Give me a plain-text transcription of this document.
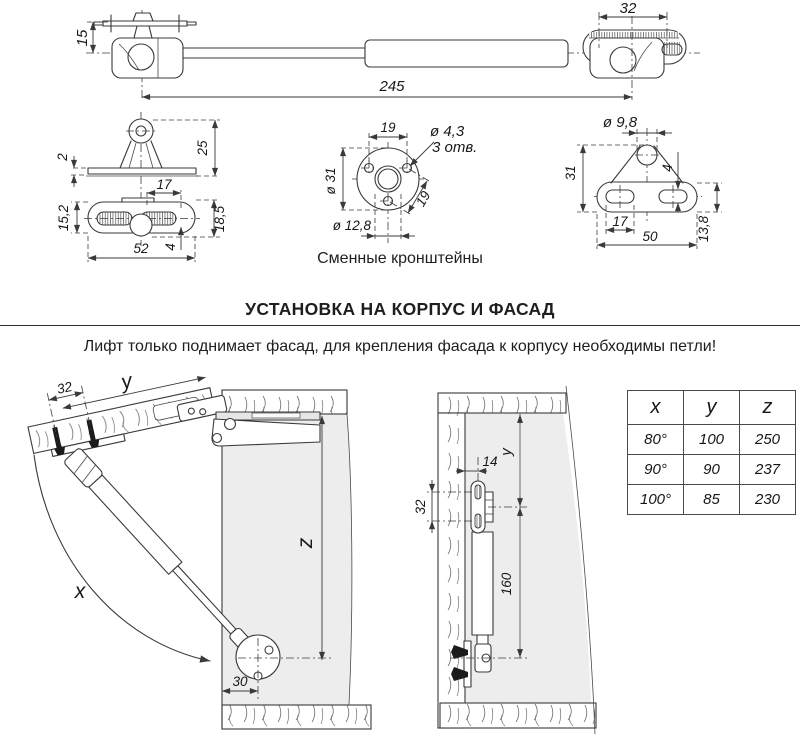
32
15
245
2
25
17
15,2	18,5
4
52
19 ø 4,3
3 отв.
ø 31
ø 12,8
19
ø 9,8
31	4
17
50	13,8
32 y
x
z
30
14
32
y
160
Сменные кронштейны
УСТАНОВКА НА КОРПУС И ФАСАД
Лифт только поднимает фасад, для крепления фасада к корпусу необходимы петли!
x	y	z
80°	100	250
90°	90	237
100°	85	230
